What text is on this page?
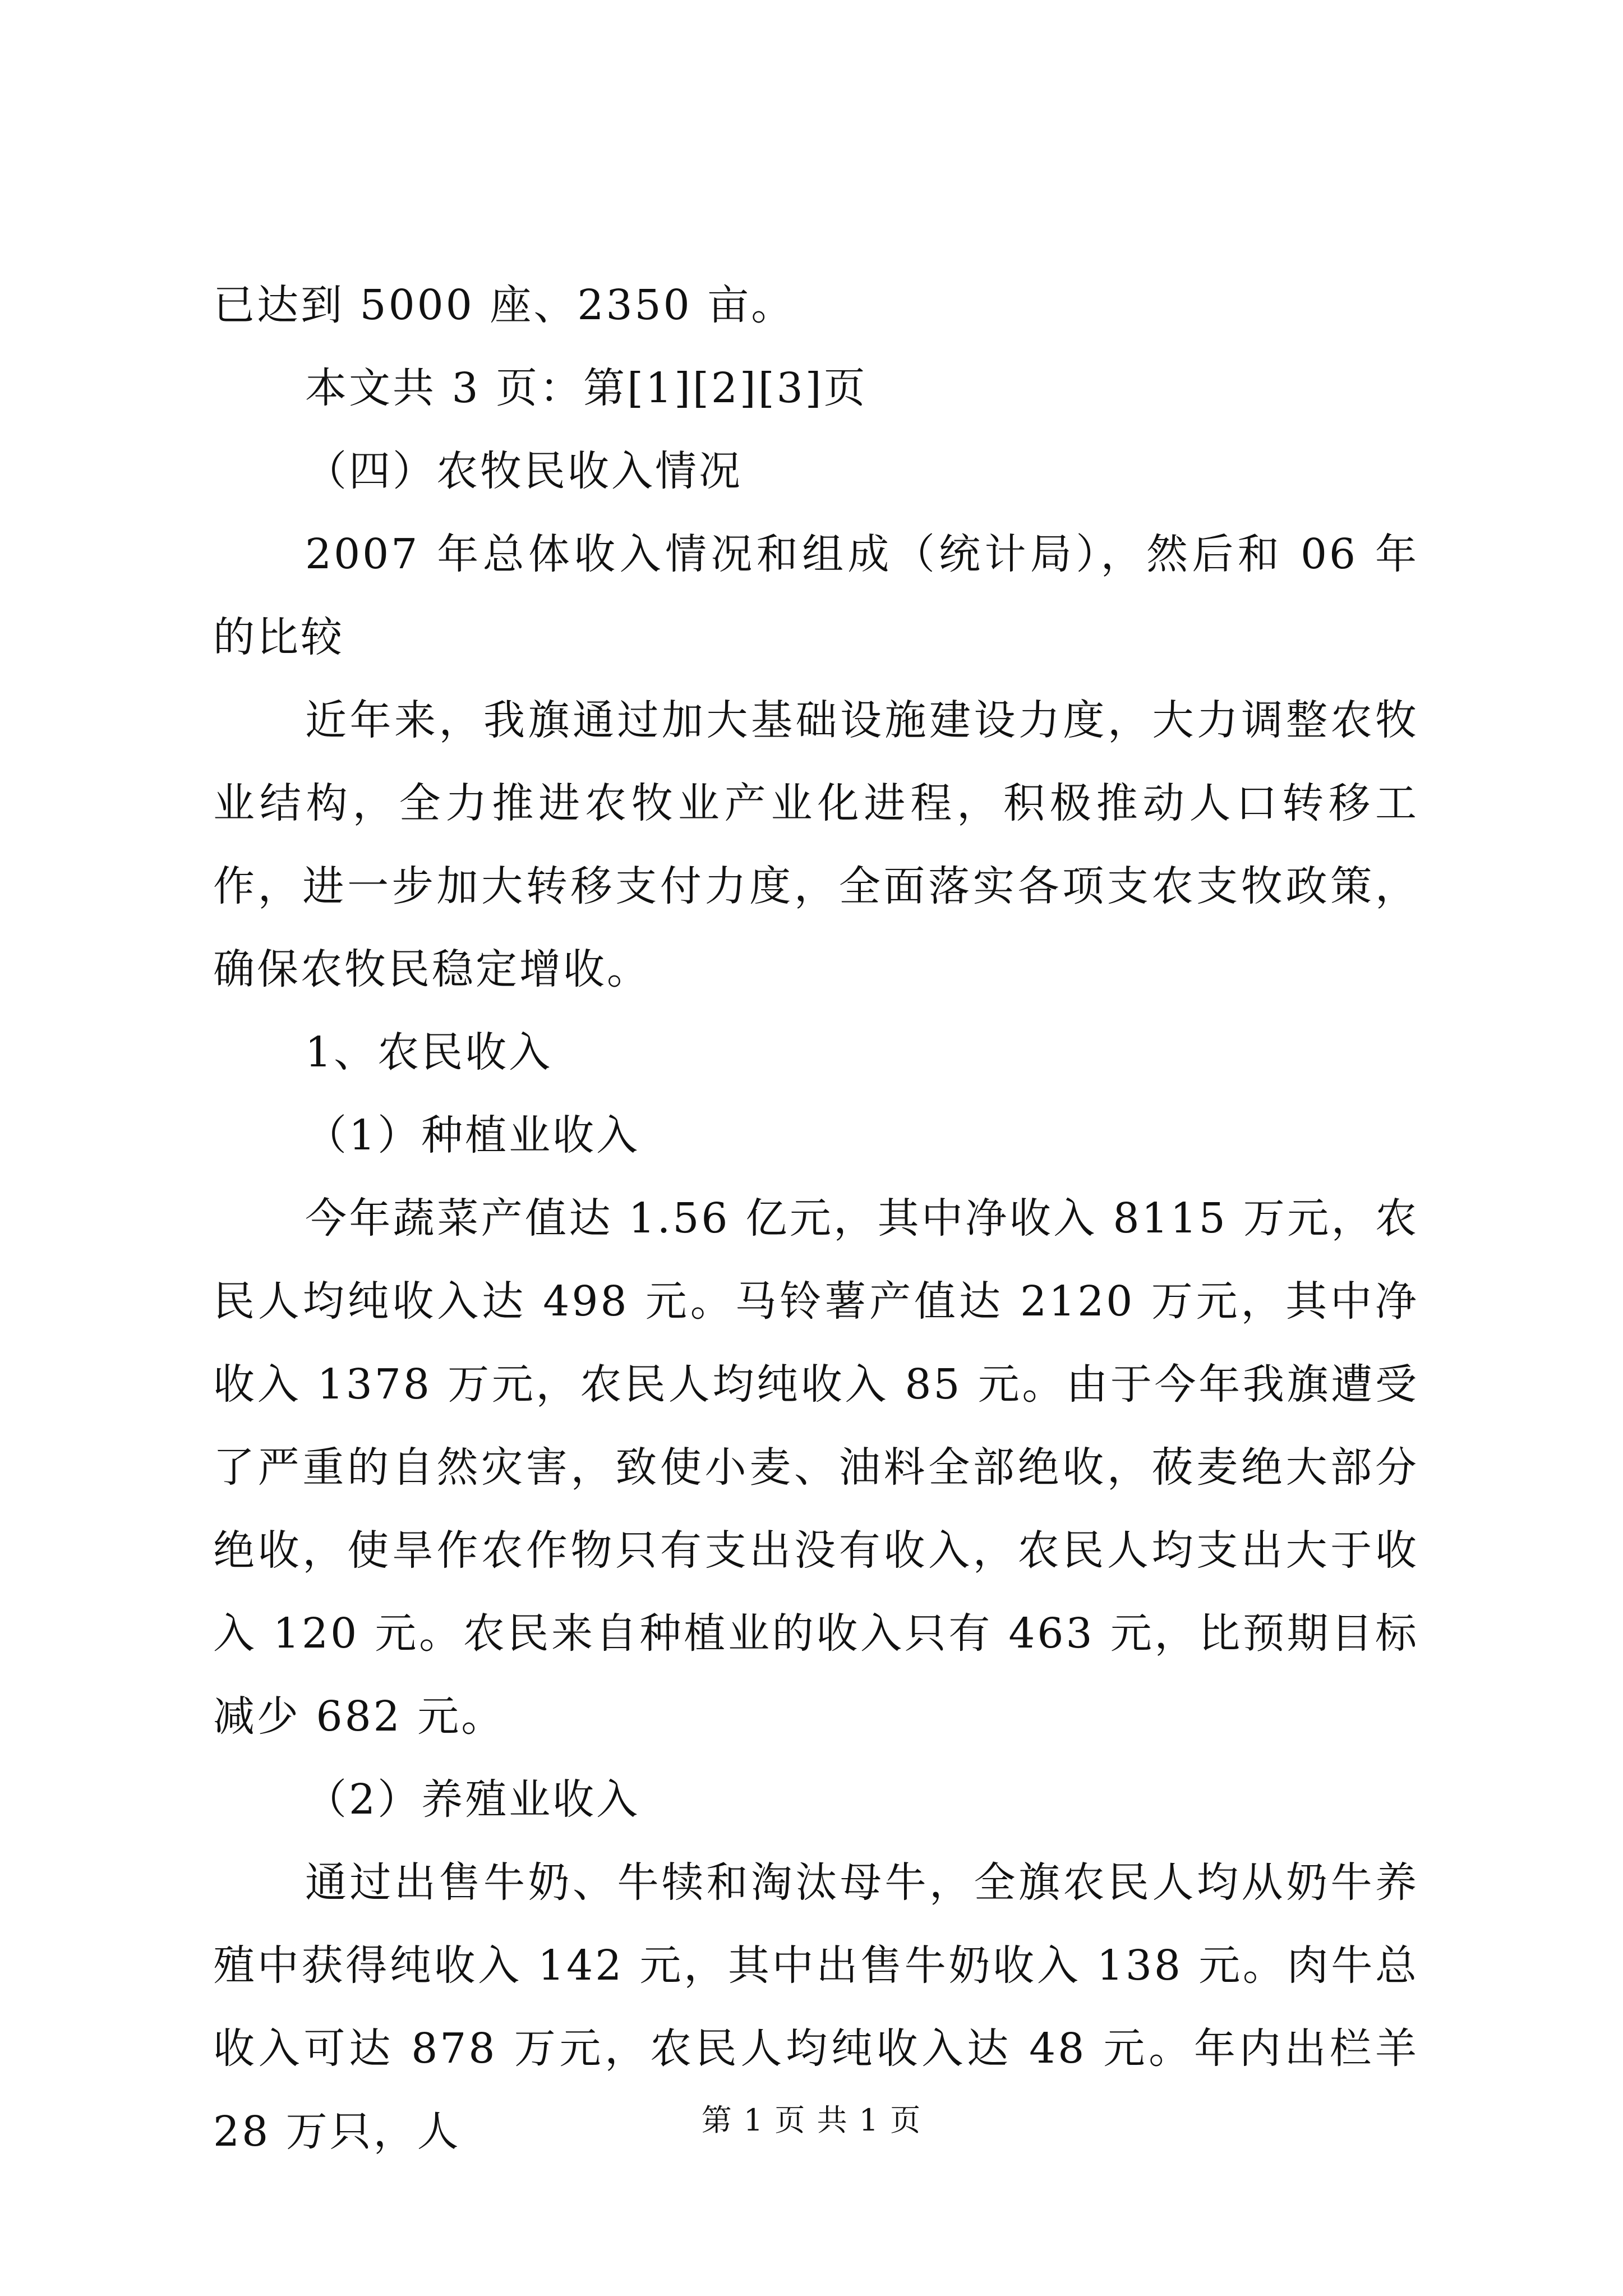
已达到 5000 座、2350 亩。

本文共 3 页：第[1][2][3]页

（四）农牧民收入情况

2007 年总体收入情况和组成（统计局），然后和 06 年的比较

近年来，我旗通过加大基础设施建设力度，大力调整农牧业结构，全力推进农牧业产业化进程，积极推动人口转移工作，进一步加大转移支付力度，全面落实各项支农支牧政策，确保农牧民稳定增收。

1、农民收入

（1）种植业收入

今年蔬菜产值达 1.56 亿元，其中净收入 8115 万元，农民人均纯收入达 498 元。马铃薯产值达 2120 万元，其中净收入 1378 万元，农民人均纯收入 85 元。由于今年我旗遭受了严重的自然灾害，致使小麦、油料全部绝收，莜麦绝大部分绝收，使旱作农作物只有支出没有收入，农民人均支出大于收入 120 元。农民来自种植业的收入只有 463 元，比预期目标减少 682 元。

（2）养殖业收入

通过出售牛奶、牛犊和淘汰母牛，全旗农民人均从奶牛养殖中获得纯收入 142 元，其中出售牛奶收入 138 元。肉牛总收入可达 878 万元，农民人均纯收入达 48 元。年内出栏羊 28 万只，人	第 1 页 共 1 页
